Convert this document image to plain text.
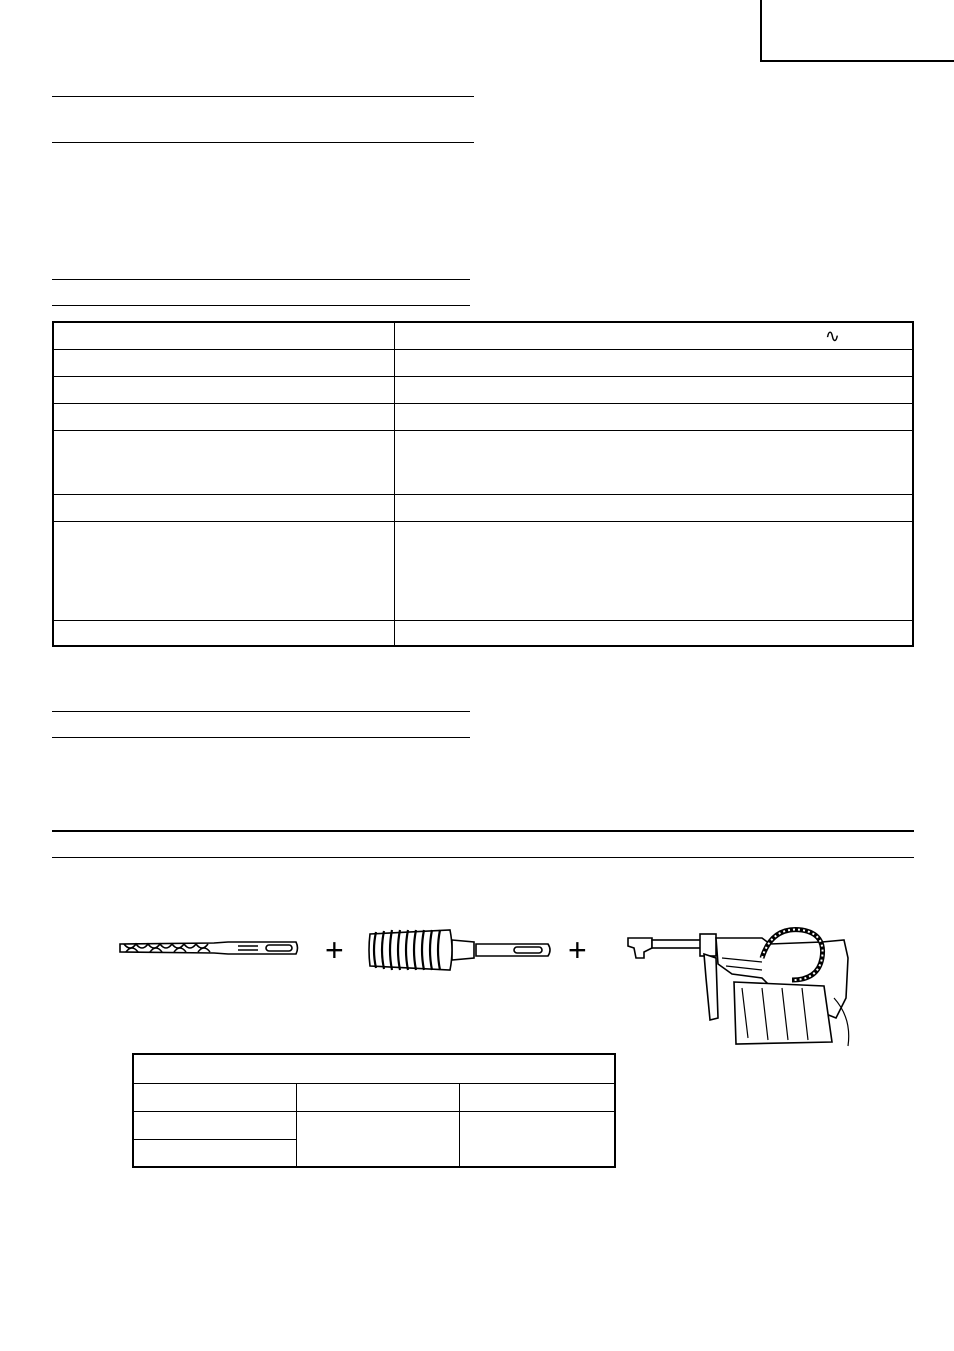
	∿

+	+
